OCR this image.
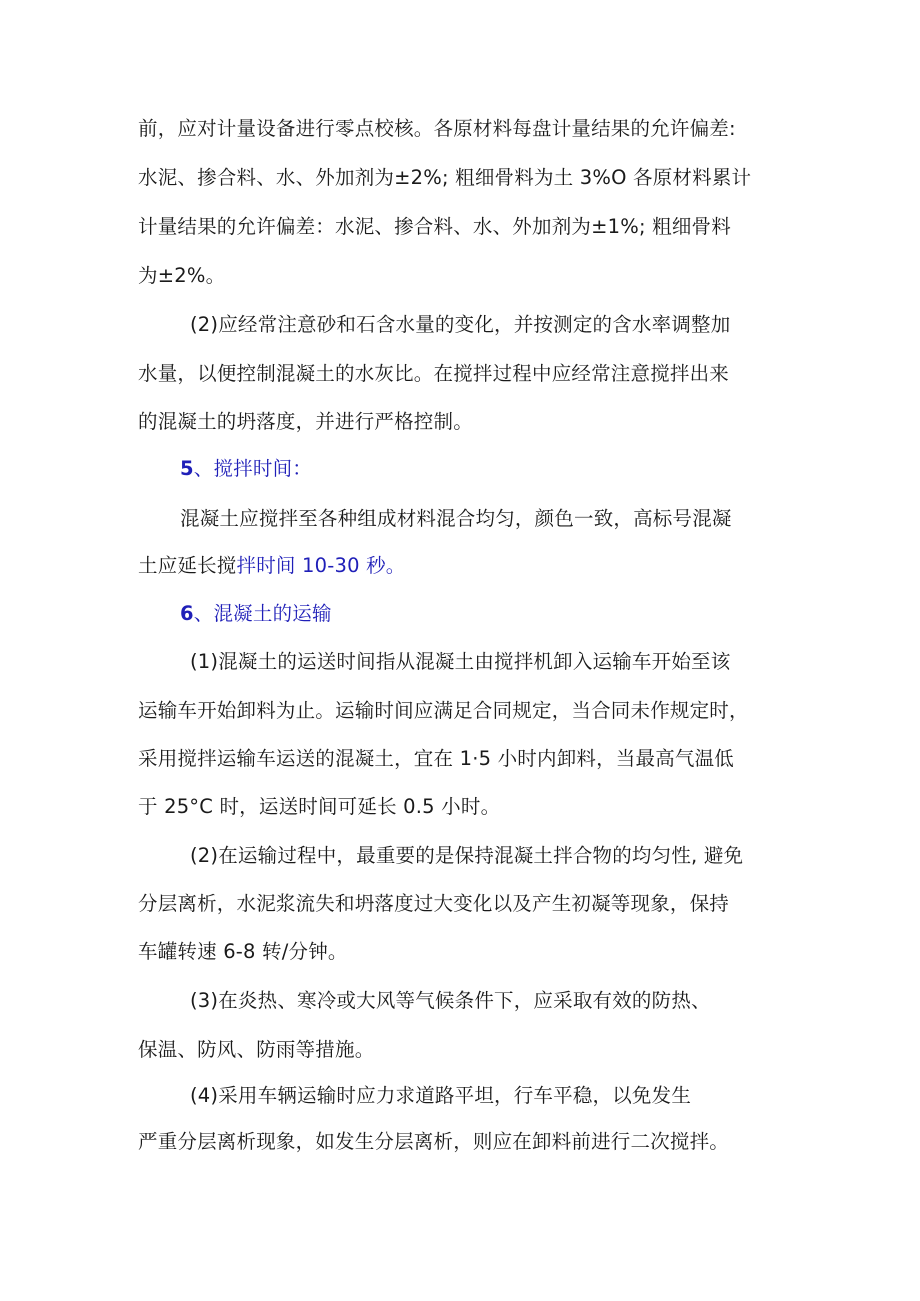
前，应对计量设备进行零点校核。各原材料每盘计量结果的允许偏差:
水泥、掺合料、水、外加剂为±2%; 粗细骨料为土 3%O 各原材料累计
计量结果的允许偏差：水泥、掺合料、水、外加剂为±1%; 粗细骨料
为±2%。
(2)应经常注意砂和石含水量的变化，并按测定的含水率调整加
水量，以便控制混凝土的水灰比。在搅拌过程中应经常注意搅拌出来
的混凝土的坍落度，并进行严格控制。
5、搅拌时间：
混凝土应搅拌至各种组成材料混合均匀，颜色一致，高标号混凝
土应延长搅拌时间 10-30 秒。
6、混凝土的运输
(1)混凝土的运送时间指从混凝土由搅拌机卸入运输车开始至该
运输车开始卸料为止。运输时间应满足合同规定，当合同未作规定时，
采用搅拌运输车运送的混凝土，宜在 1·5 小时内卸料，当最高气温低
于 25°C 时，运送时间可延长 0.5 小时。
(2)在运输过程中，最重要的是保持混凝土拌合物的均匀性, 避免
分层离析，水泥浆流失和坍落度过大变化以及产生初凝等现象，保持
车罐转速 6-8 转/分钟。
(3)在炎热、寒冷或大风等气候条件下，应采取有效的防热、
保温、防风、防雨等措施。
(4)采用车辆运输时应力求道路平坦，行车平稳，以免发生
严重分层离析现象，如发生分层离析，则应在卸料前进行二次搅拌。
